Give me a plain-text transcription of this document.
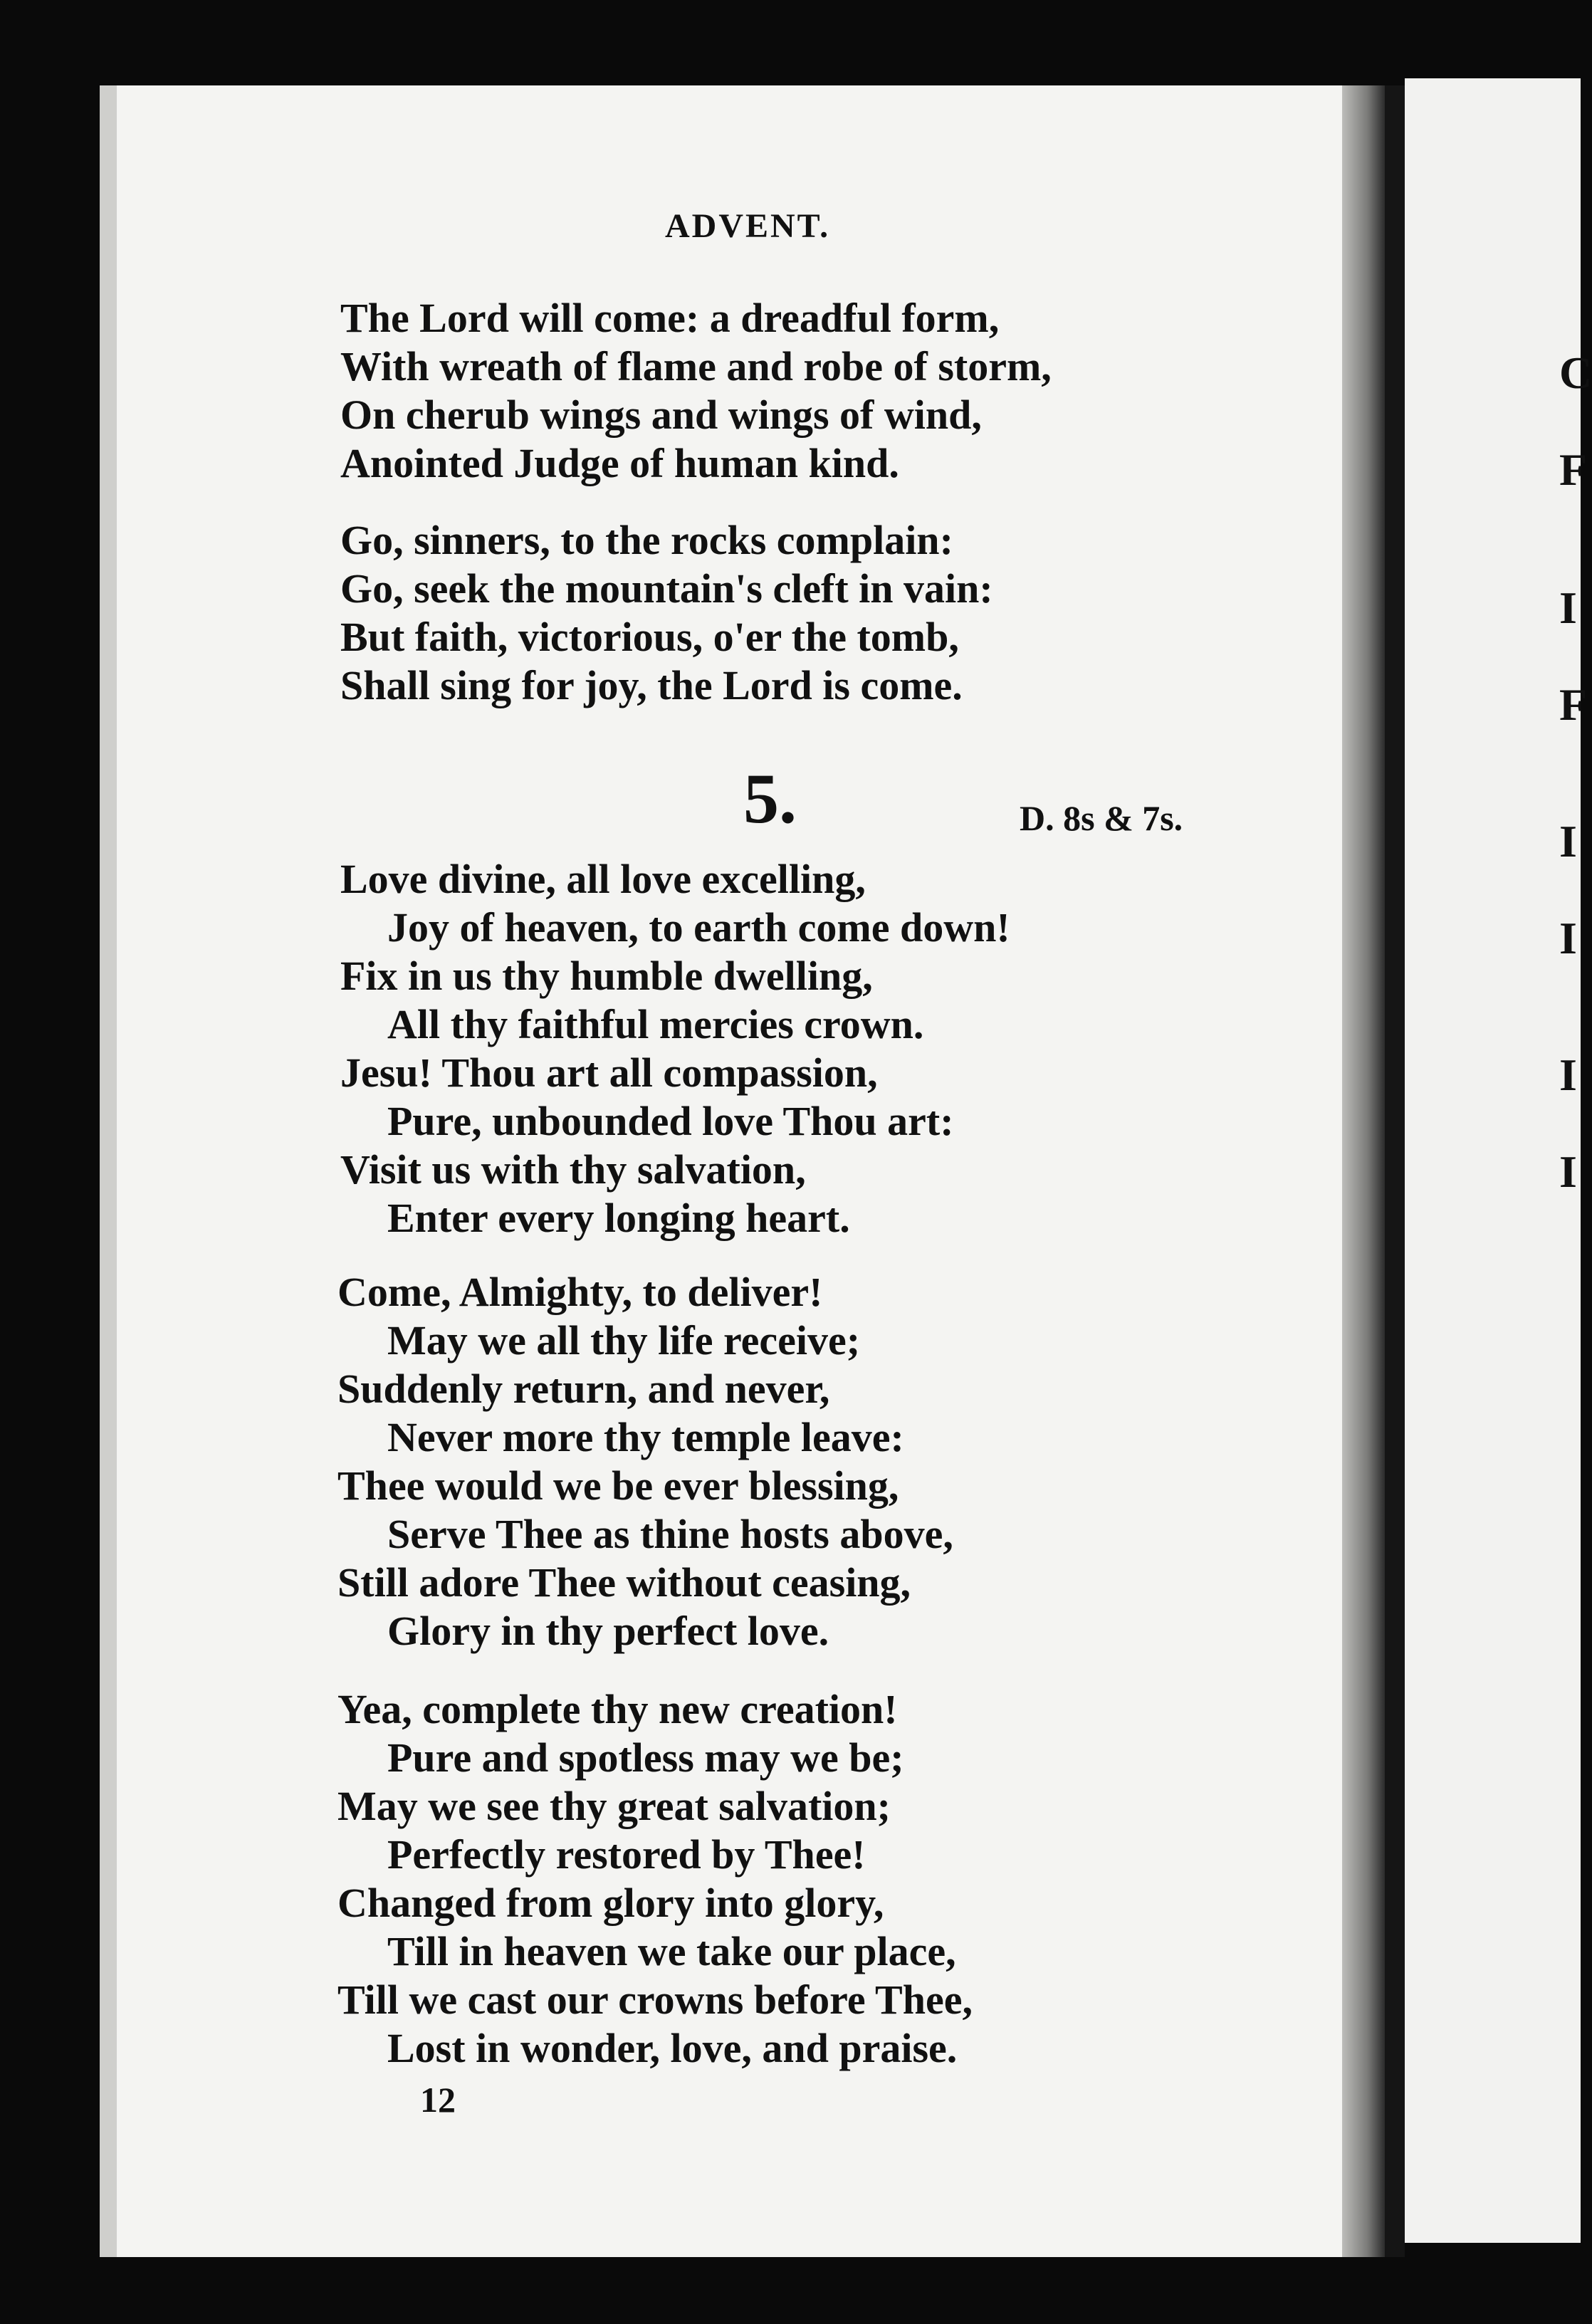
C
F
I
F
I
I
I
I
ADVENT.
The Lord will come: a dreadful form,
With wreath of flame and robe of storm,
On cherub wings and wings of wind,
Anointed Judge of human kind.
Go, sinners, to the rocks complain:
Go, seek the mountain's cleft in vain:
But faith, victorious, o'er the tomb,
Shall sing for joy, the Lord is come.
5.	D. 8s & 7s.
Love divine, all love excelling,
Joy of heaven, to earth come down!
Fix in us thy humble dwelling,
All thy faithful mercies crown.
Jesu! Thou art all compassion,
Pure, unbounded love Thou art:
Visit us with thy salvation,
Enter every longing heart.
Come, Almighty, to deliver!
May we all thy life receive;
Suddenly return, and never,
Never more thy temple leave:
Thee would we be ever blessing,
Serve Thee as thine hosts above,
Still adore Thee without ceasing,
Glory in thy perfect love.
Yea, complete thy new creation!
Pure and spotless may we be;
May we see thy great salvation;
Perfectly restored by Thee!
Changed from glory into glory,
Till in heaven we take our place,
Till we cast our crowns before Thee,
Lost in wonder, love, and praise.
12
